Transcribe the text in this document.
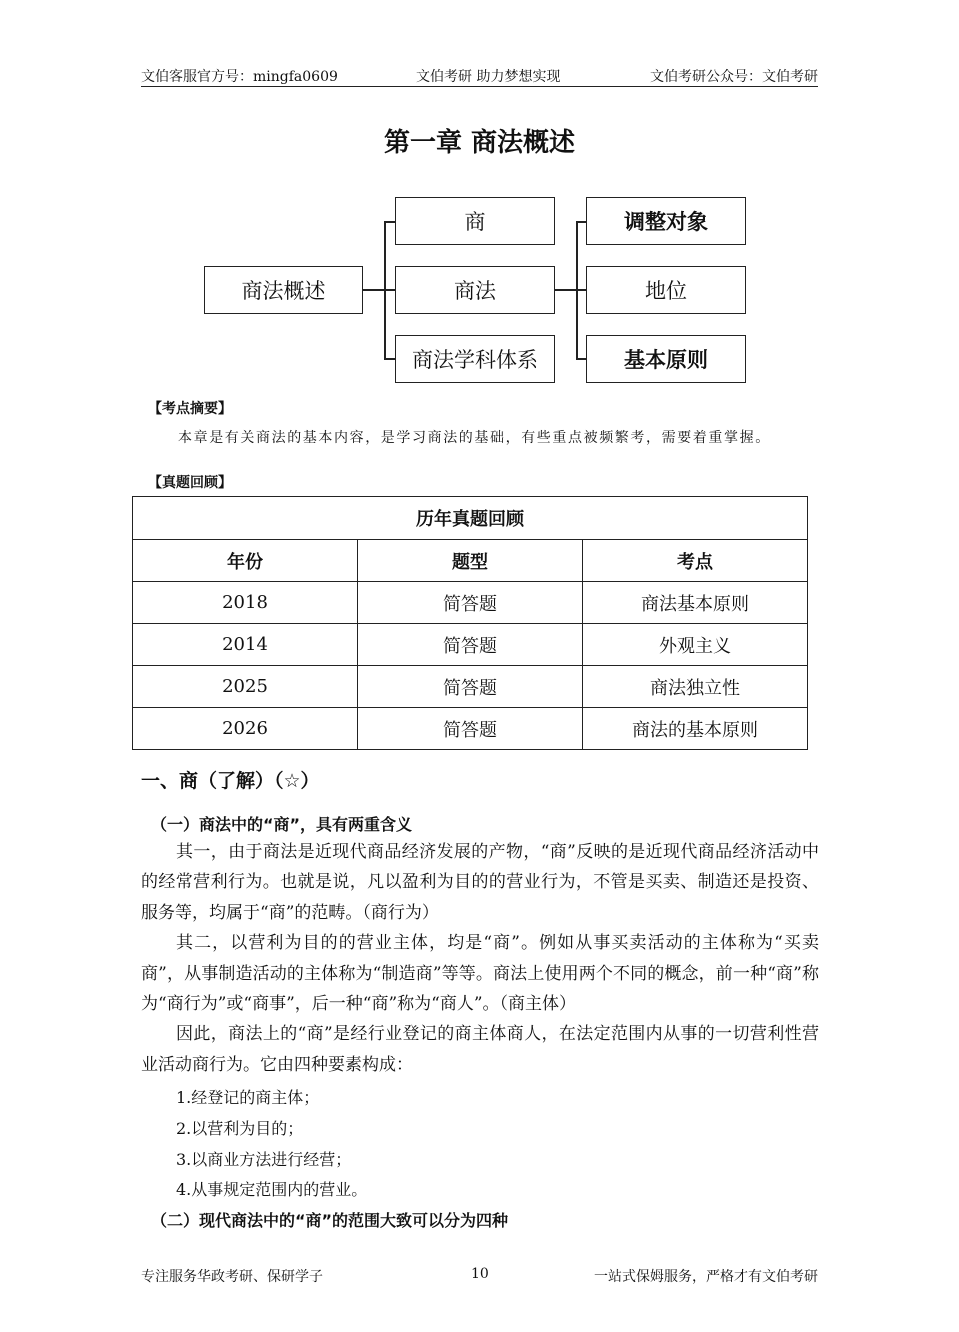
文伯客服官方号：mingfa0609	文伯考研 助力梦想实现	文伯考研公众号：文伯考研
第一章 商法概述
商法概述
商
商法
商法学科体系
调整对象
地位
基本原则
【考点摘要】
本章是有关商法的基本内容，是学习商法的基础，有些重点被频繁考，需要着重掌握。
【真题回顾】
历年真题回顾		
年份	题型	考点
2018	简答题	商法基本原则
2014	简答题	外观主义
2025	简答题	商法独立性
2026	简答题	商法的基本原则
一、商（了解）（☆）
（一）商法中的“商”，具有两重含义

其一，由于商法是近现代商品经济发展的产物，“商”反映的是近现代商品经济活动中的经常营利行为。也就是说，凡以盈利为目的的营业行为，不管是买卖、制造还是投资、服务等，均属于“商”的范畴。（商行为）

其二，以营利为目的的营业主体，均是“商”。例如从事买卖活动的主体称为“买卖商”，从事制造活动的主体称为“制造商”等等。商法上使用两个不同的概念，前一种“商”称为“商行为”或“商事”，后一种“商”称为“商人”。（商主体）

因此，商法上的“商”是经行业登记的商主体商人，在法定范围内从事的一切营利性营业活动商行为。它由四种要素构成：

1.经登记的商主体；
2.以营利为目的；
3.以商业方法进行经营；
4.从事规定范围内的营业。
（二）现代商法中的“商”的范围大致可以分为四种
专注服务华政考研、保研学子	10	一站式保姆服务，严格才有文伯考研
